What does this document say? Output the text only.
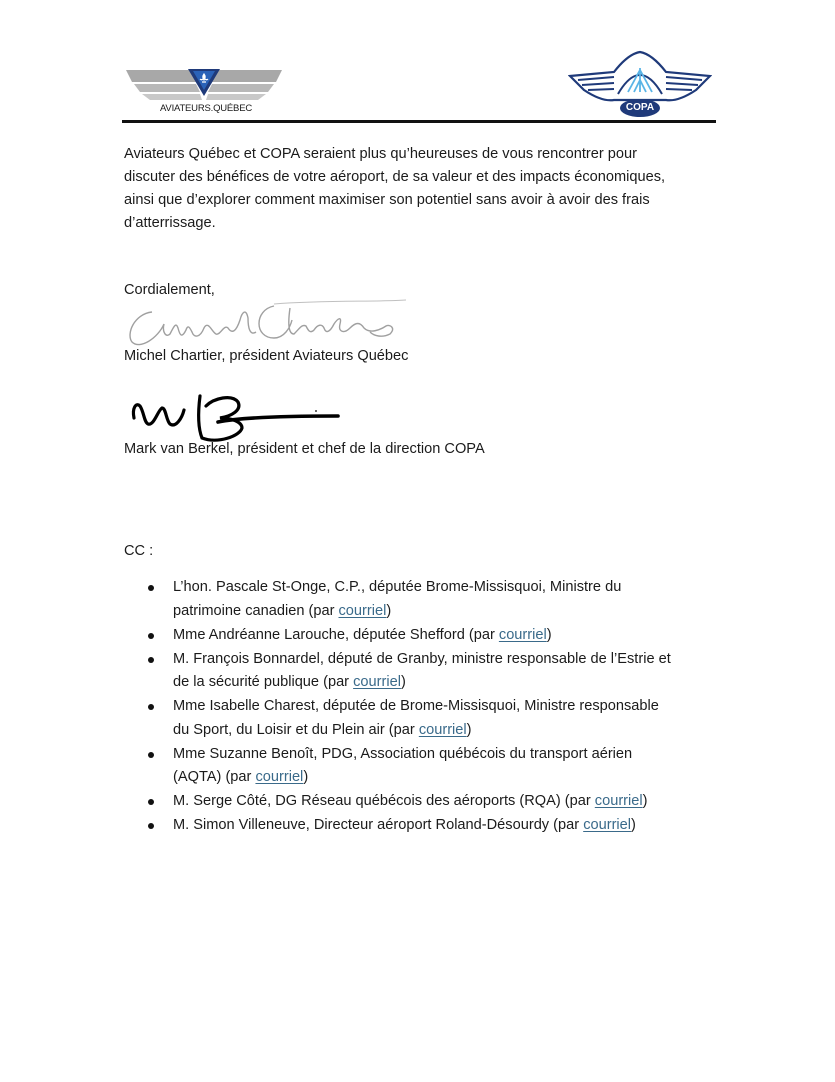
AVIATEURS.QUÉBEC	COPA
Aviateurs Québec et COPA seraient plus qu’heureuses de vous rencontrer pour
discuter des bénéfices de votre aéroport, de sa valeur et des impacts économiques,
ainsi que d’explorer comment maximiser son potentiel sans avoir à avoir des frais
d’atterrissage.
Cordialement,
Michel Chartier
Michel Chartier, président Aviateurs Québec
Mark van Berkel, président et chef de la direction COPA
CC :
L’hon. Pascale St-Onge, C.P., députée Brome-Missisquoi, Ministre du
patrimoine canadien (par courriel)
Mme Andréanne Larouche, députée Shefford (par courriel)
M. François Bonnardel, député de Granby, ministre responsable de l’Estrie et
de la sécurité publique (par courriel)
Mme Isabelle Charest, députée de Brome-Missisquoi, Ministre responsable
du Sport, du Loisir et du Plein air (par courriel)
Mme Suzanne Benoît, PDG, Association québécois du transport aérien
(AQTA) (par courriel)
M. Serge Côté, DG Réseau québécois des aéroports (RQA) (par courriel)
M. Simon Villeneuve, Directeur aéroport Roland-Désourdy (par courriel)
